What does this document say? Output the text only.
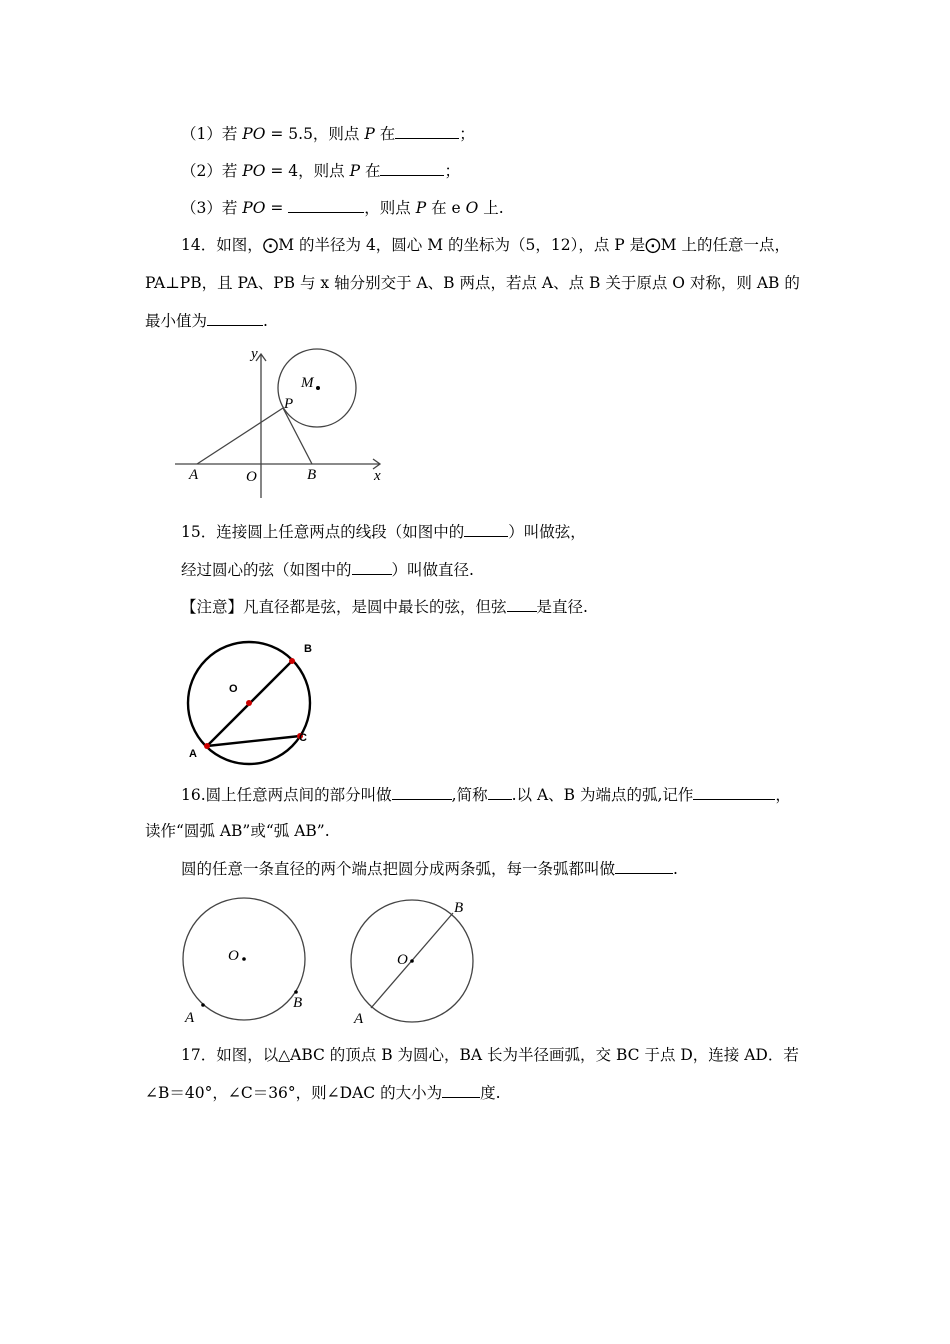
（1）若 PO = 5.5，则点 P 在	；
（2）若 PO = 4，则点 P 在	；
（3）若 PO =	，则点 P 在 e O 上.
14．如图，⨀M 的半径为 4，圆心 M 的坐标为（5，12），点 P 是⨀M 上的任意一点，
PA⊥PB，且 PA、PB 与 x 轴分别交于 A、B 两点，若点 A、点 B 关于原点 O 对称，则 AB 的
最小值为	.
y
x
M
P
A	O	B
15．连接圆上任意两点的线段（如图中的	）叫做弦，
经过圆心的弦（如图中的	）叫做直径.
【注意】凡直径都是弦，是圆中最长的弦，但弦 是直径.
B
O
A
C
16.圆上任意两点间的部分叫做	,简称 .以 A、B 为端点的弧,记作	，
读作“圆弧 AB”或“弧 AB”.
圆的任意一条直径的两个端点把圆分成两条弧，每一条弧都叫做	.
O
A
B
O
A
B
17．如图，以△ABC 的顶点 B 为圆心，BA 长为半径画弧，交 BC 于点 D，连接 AD．若
∠B＝40°，∠C＝36°，则∠DAC 的大小为 度.
